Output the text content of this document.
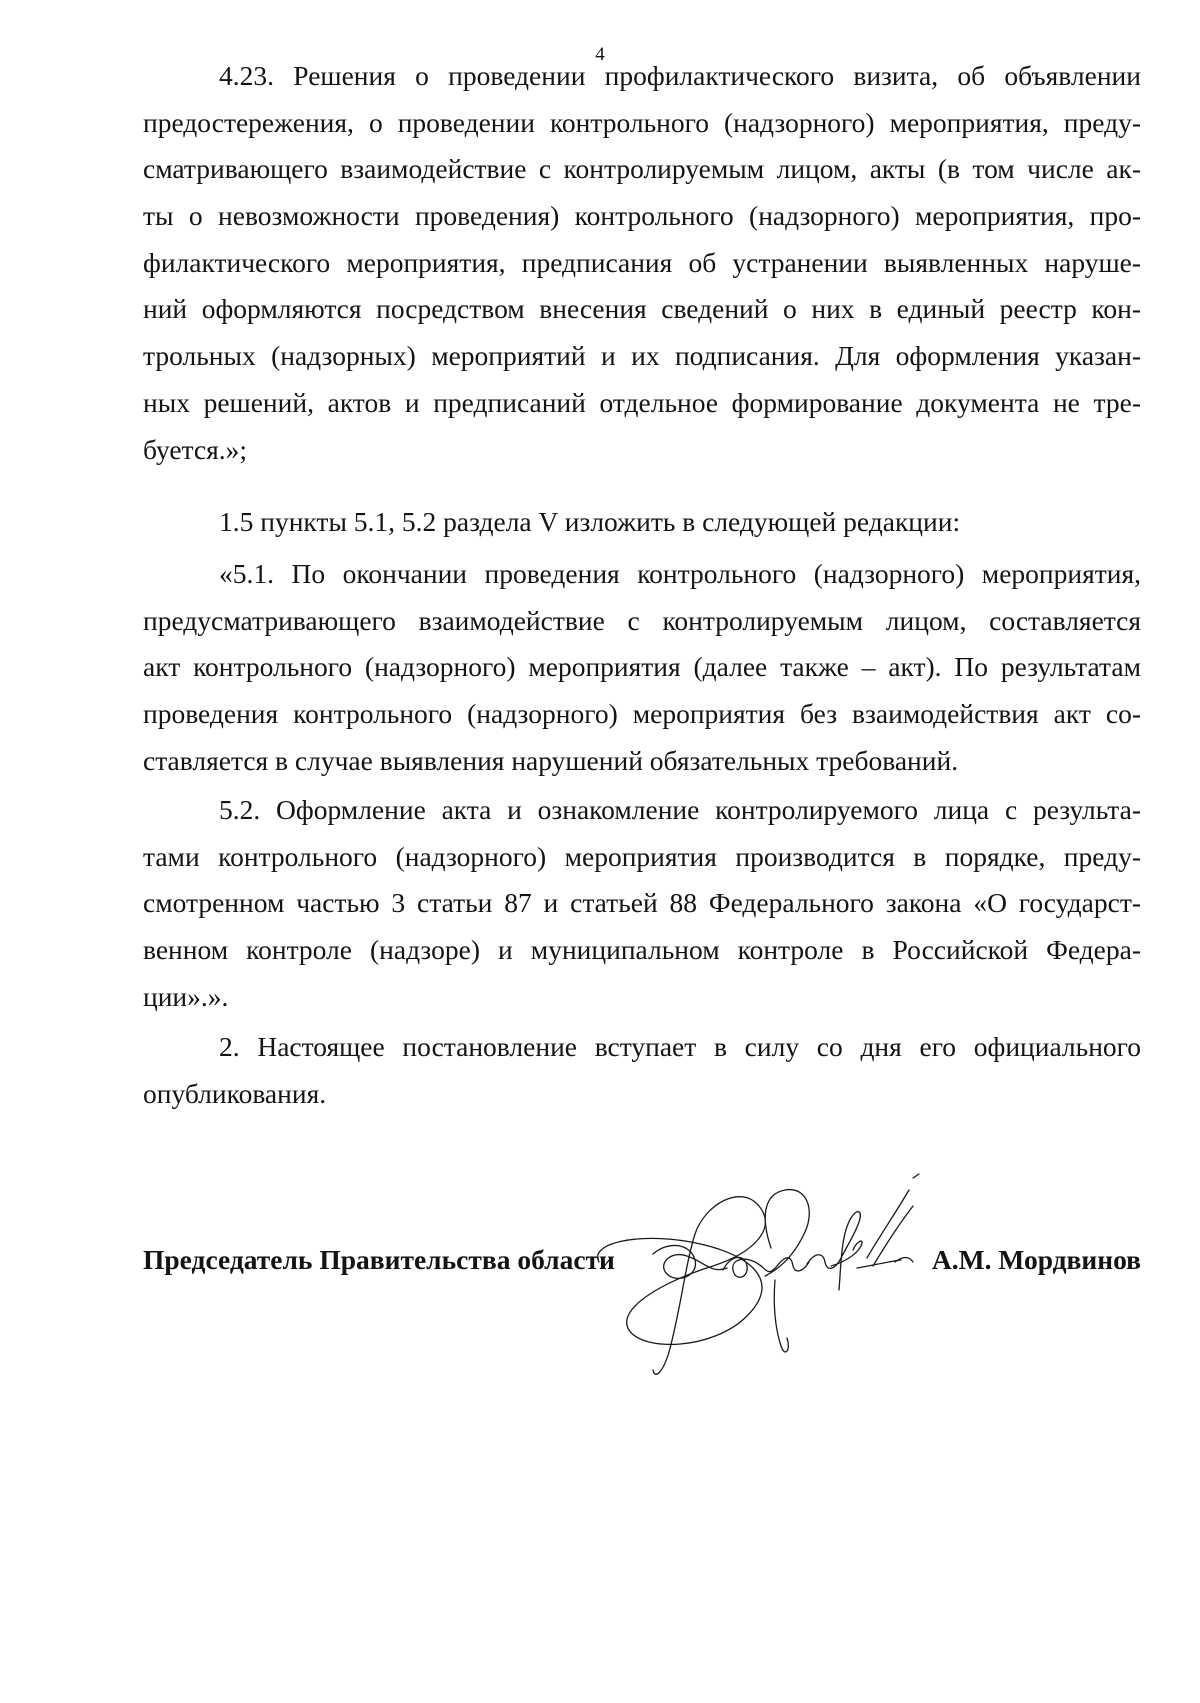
4
4.23. Решения о проведении профилактического визита, об объявлении
предостережения, о проведении контрольного (надзорного) мероприятия, преду-
сматривающего взаимодействие с контролируемым лицом, акты (в том числе ак-
ты о невозможности проведения) контрольного (надзорного) мероприятия, про-
филактического мероприятия, предписания об устранении выявленных наруше-
ний оформляются посредством внесения сведений о них в единый реестр кон-
трольных (надзорных) мероприятий и их подписания. Для оформления указан-
ных решений, актов и предписаний отдельное формирование документа не тре-
буется.»;
1.5 пункты 5.1, 5.2 раздела V изложить в следующей редакции:
«5.1. По окончании проведения контрольного (надзорного) мероприятия,
предусматривающего взаимодействие с контролируемым лицом, составляется
акт контрольного (надзорного) мероприятия (далее также – акт). По результатам
проведения контрольного (надзорного) мероприятия без взаимодействия акт со-
ставляется в случае выявления нарушений обязательных требований.
5.2. Оформление акта и ознакомление контролируемого лица с результа-
тами контрольного (надзорного) мероприятия производится в порядке, преду-
смотренном частью 3 статьи 87 и статьей 88 Федерального закона «О государст-
венном контроле (надзоре) и муниципальном контроле в Российской Федера-
ции».».
2. Настоящее постановление вступает в силу со дня его официального
опубликования.
Председатель Правительства области	А.М. Мордвинов
